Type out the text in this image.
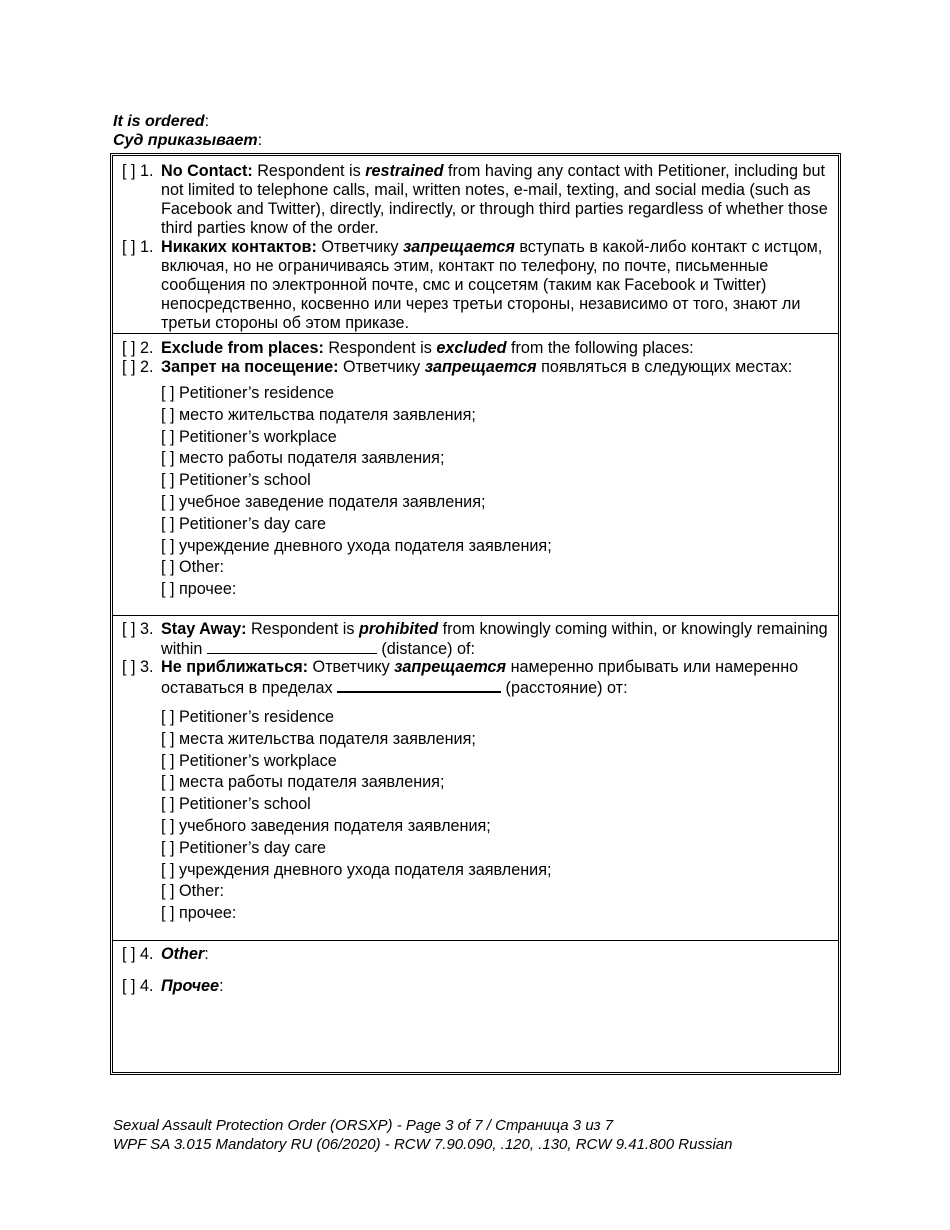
It is ordered:
Суд приказывает:
[ ] 1. No Contact: Respondent is restrained from having any contact with Petitioner, including but not limited to telephone calls, mail, written notes, e-mail, texting, and social media (such as Facebook and Twitter), directly, indirectly, or through third parties regardless of whether those third parties know of the order.
[ ] 1. Никаких контактов: Ответчику запрещается вступать в какой-либо контакт с истцом, включая, но не ограничиваясь этим, контакт по телефону, по почте, письменные сообщения по электронной почте, смс и соцсетям (таким как Facebook и Twitter) непосредственно, косвенно или через третьи стороны, независимо от того, знают ли третьи стороны об этом приказе.
[ ] 2. Exclude from places: Respondent is excluded from the following places:
[ ] 2. Запрет на посещение: Ответчику запрещается появляться в следующих местах:
[ ] Petitioner’s residence
[ ] место жительства подателя заявления;
[ ] Petitioner’s workplace
[ ] место работы подателя заявления;
[ ] Petitioner’s school
[ ] учебное заведение подателя заявления;
[ ] Petitioner’s day care
[ ] учреждение дневного ухода подателя заявления;
[ ] Other:
[ ] прочее:
[ ] 3. Stay Away: Respondent is prohibited from knowingly coming within, or knowingly remaining within	(distance) of:
[ ] 3. Не приближаться: Ответчику запрещается намеренно прибывать или намеренно оставаться в пределах	(расстояние) от:
[ ] Petitioner’s residence
[ ] места жительства подателя заявления;
[ ] Petitioner’s workplace
[ ] места работы подателя заявления;
[ ] Petitioner’s school
[ ] учебного заведения подателя заявления;
[ ] Petitioner’s day care
[ ] учреждения дневного ухода подателя заявления;
[ ] Other:
[ ] прочее:
[ ] 4. Other:
[ ] 4. Прочее:
Sexual Assault Protection Order (ORSXP) - Page 3 of 7 / Страница 3 из 7
WPF SA 3.015 Mandatory RU (06/2020) - RCW 7.90.090, .120, .130, RCW 9.41.800 Russian
